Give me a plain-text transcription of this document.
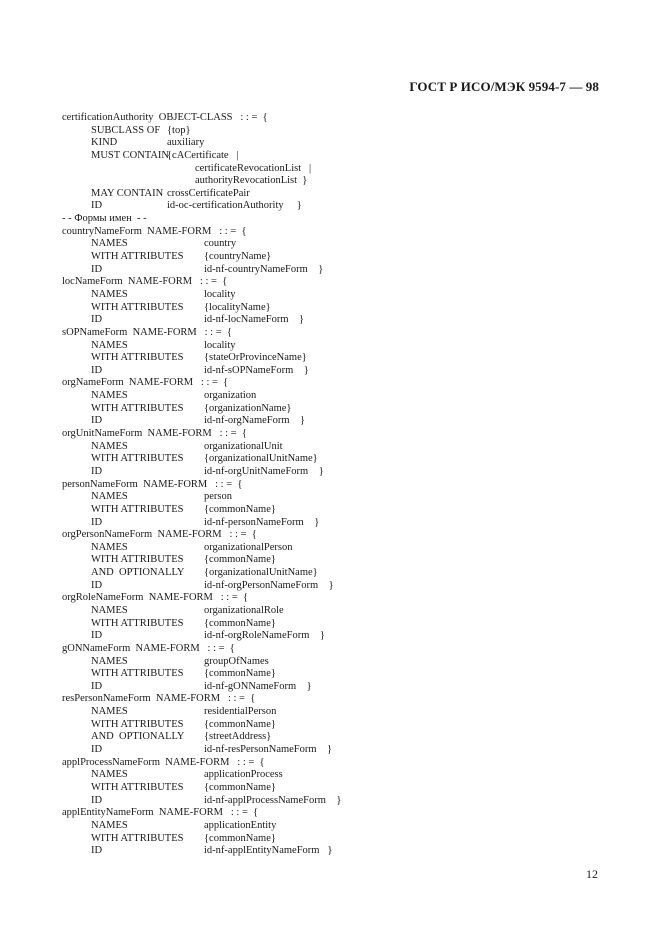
ГОСТ Р ИСО/МЭК 9594-7 — 98
certificationAuthority  OBJECT-CLASS   : : =  {
SUBCLASS OF {top}
KIND	auxiliary
MUST CONTAIN
{cACertificate   |
certificateRevocationList   |
authorityRevocationList  }
MAY CONTAIN crossCertificatePair
ID	id-oc-certificationAuthority     }
- - Формы имен  - -
countryNameForm  NAME-FORM   : : =  {
NAMES	country
WITH ATTRIBUTES {countryName}
ID	id-nf-countryNameForm    }
locNameForm  NAME-FORM   : : =  {
NAMES	locality
WITH ATTRIBUTES {localityName}
ID	id-nf-locNameForm    }
sOPNameForm  NAME-FORM   : : =  {
NAMES	locality
WITH ATTRIBUTES {stateOrProvinceName}
ID	id-nf-sOPNameForm    }
orgNameForm  NAME-FORM   : : =  {
NAMES	organization
WITH ATTRIBUTES {organizationName}
ID	id-nf-orgNameForm    }
orgUnitNameForm  NAME-FORM   : : =  {
NAMES	organizationalUnit
WITH ATTRIBUTES {organizationalUnitName}
ID	id-nf-orgUnitNameForm    }
personNameForm  NAME-FORM   : : =  {
NAMES	person
WITH ATTRIBUTES {commonName}
ID	id-nf-personNameForm    }
orgPersonNameForm  NAME-FORM   : : =  {
NAMES	organizationalPerson
WITH ATTRIBUTES {commonName}
AND  OPTIONALLY {organizationalUnitName}
ID	id-nf-orgPersonNameForm    }
orgRoleNameForm  NAME-FORM   : : =  {
NAMES	organizationalRole
WITH ATTRIBUTES {commonName}
ID	id-nf-orgRoleNameForm    }
gONNameForm  NAME-FORM   : : =  {
NAMES	groupOfNames
WITH ATTRIBUTES {commonName}
ID	id-nf-gONNameForm    }
resPersonNameForm  NAME-FORM   : : =  {
NAMES	residentialPerson
WITH ATTRIBUTES {commonName}
AND  OPTIONALLY {streetAddress}
ID	id-nf-resPersonNameForm    }
applProcessNameForm  NAME-FORM   : : =  {
NAMES	applicationProcess
WITH ATTRIBUTES {commonName}
ID	id-nf-applProcessNameForm    }
applEntityNameForm  NAME-FORM   : : =  {
NAMES	applicationEntity
WITH ATTRIBUTES {commonName}
ID	id-nf-applEntityNameForm   }
12
